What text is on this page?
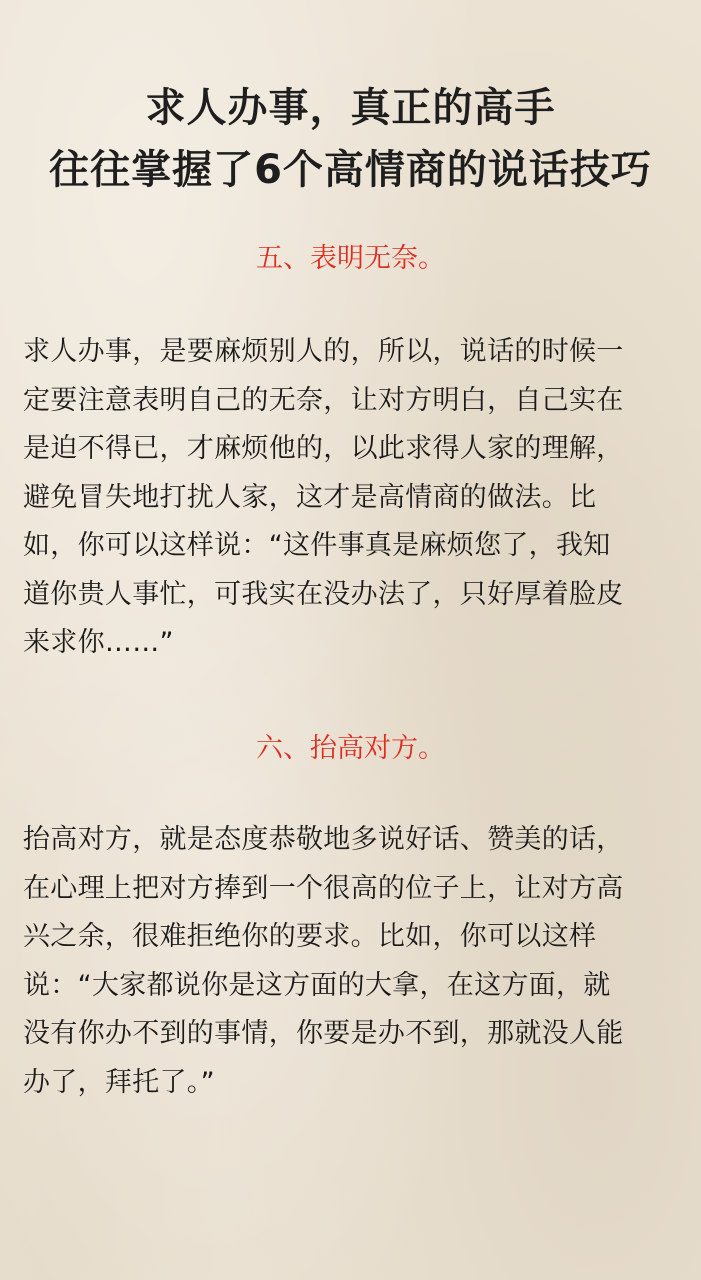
求人办事，真正的高手
往往掌握了6个高情商的说话技巧
五、表明无奈。
求人办事，是要麻烦别人的，所以，说话的时候一
定要注意表明自己的无奈，让对方明白，自己实在
是迫不得已，才麻烦他的，以此求得人家的理解，
避免冒失地打扰人家，这才是高情商的做法。比
如，你可以这样说：“这件事真是麻烦您了，我知
道你贵人事忙，可我实在没办法了，只好厚着脸皮
来求你……”
六、抬高对方。
抬高对方，就是态度恭敬地多说好话、赞美的话，
在心理上把对方捧到一个很高的位子上，让对方高
兴之余，很难拒绝你的要求。比如，你可以这样
说：“大家都说你是这方面的大拿，在这方面，就
没有你办不到的事情，你要是办不到，那就没人能
办了，拜托了。”
